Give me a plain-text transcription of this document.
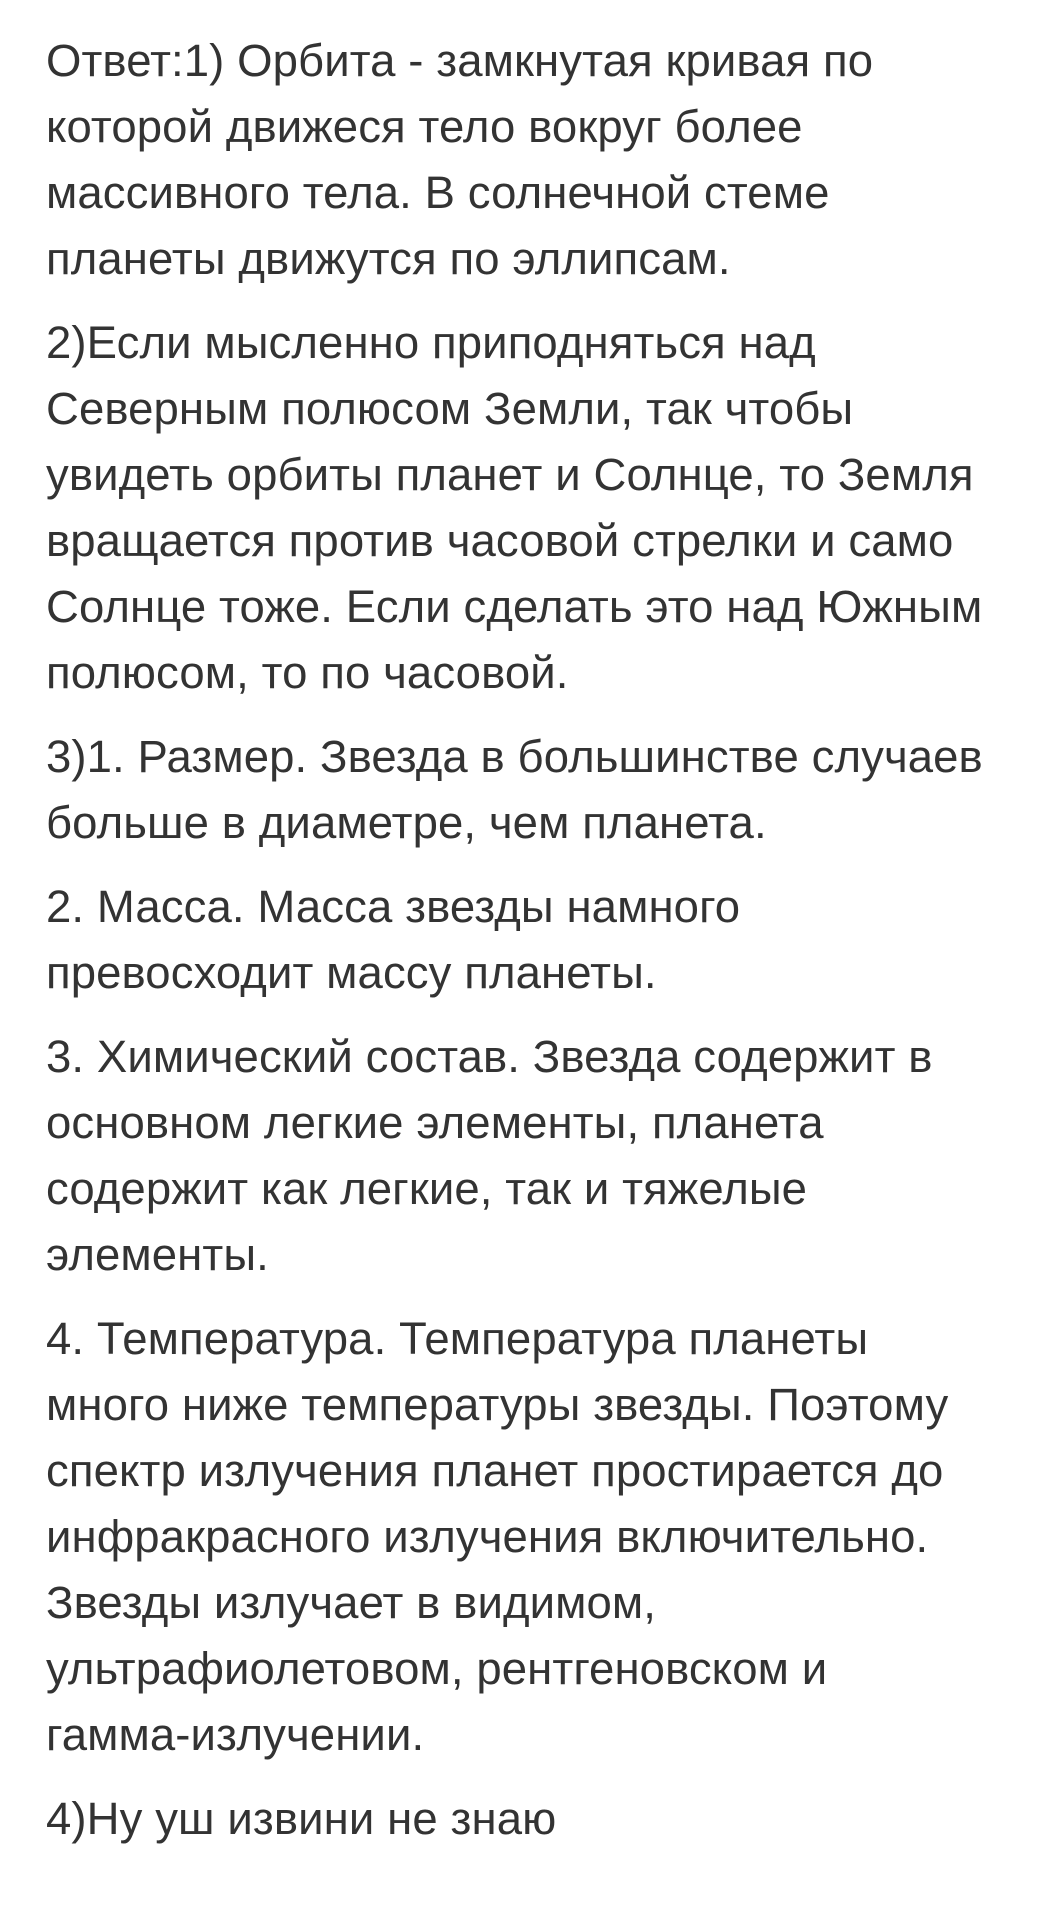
Ответ:1) Орбита - замкнутая кривая по
которой движеся тело вокруг более
массивного тела. В солнечной стеме
планеты движутся по эллипсам.

2)Если мысленно приподняться над
Северным полюсом Земли, так чтобы
увидеть орбиты планет и Солнце, то Земля
вращается против часовой стрелки и само
Солнце тоже. Если сделать это над Южным
полюсом, то по часовой.

3)1. Размер. Звезда в большинстве случаев
больше в диаметре, чем планета.

2. Масса. Масса звезды намного
превосходит массу планеты.

3. Химический состав. Звезда содержит в
основном легкие элементы, планета
содержит как легкие, так и тяжелые
элементы.

4. Температура. Температура планеты
много ниже температуры звезды. Поэтому
спектр излучения планет простирается до
инфракрасного излучения включительно.
Звезды излучает в видимом,
ультрафиолетовом, рентгеновском и
гамма-излучении.

4)Ну уш извини не знаю
